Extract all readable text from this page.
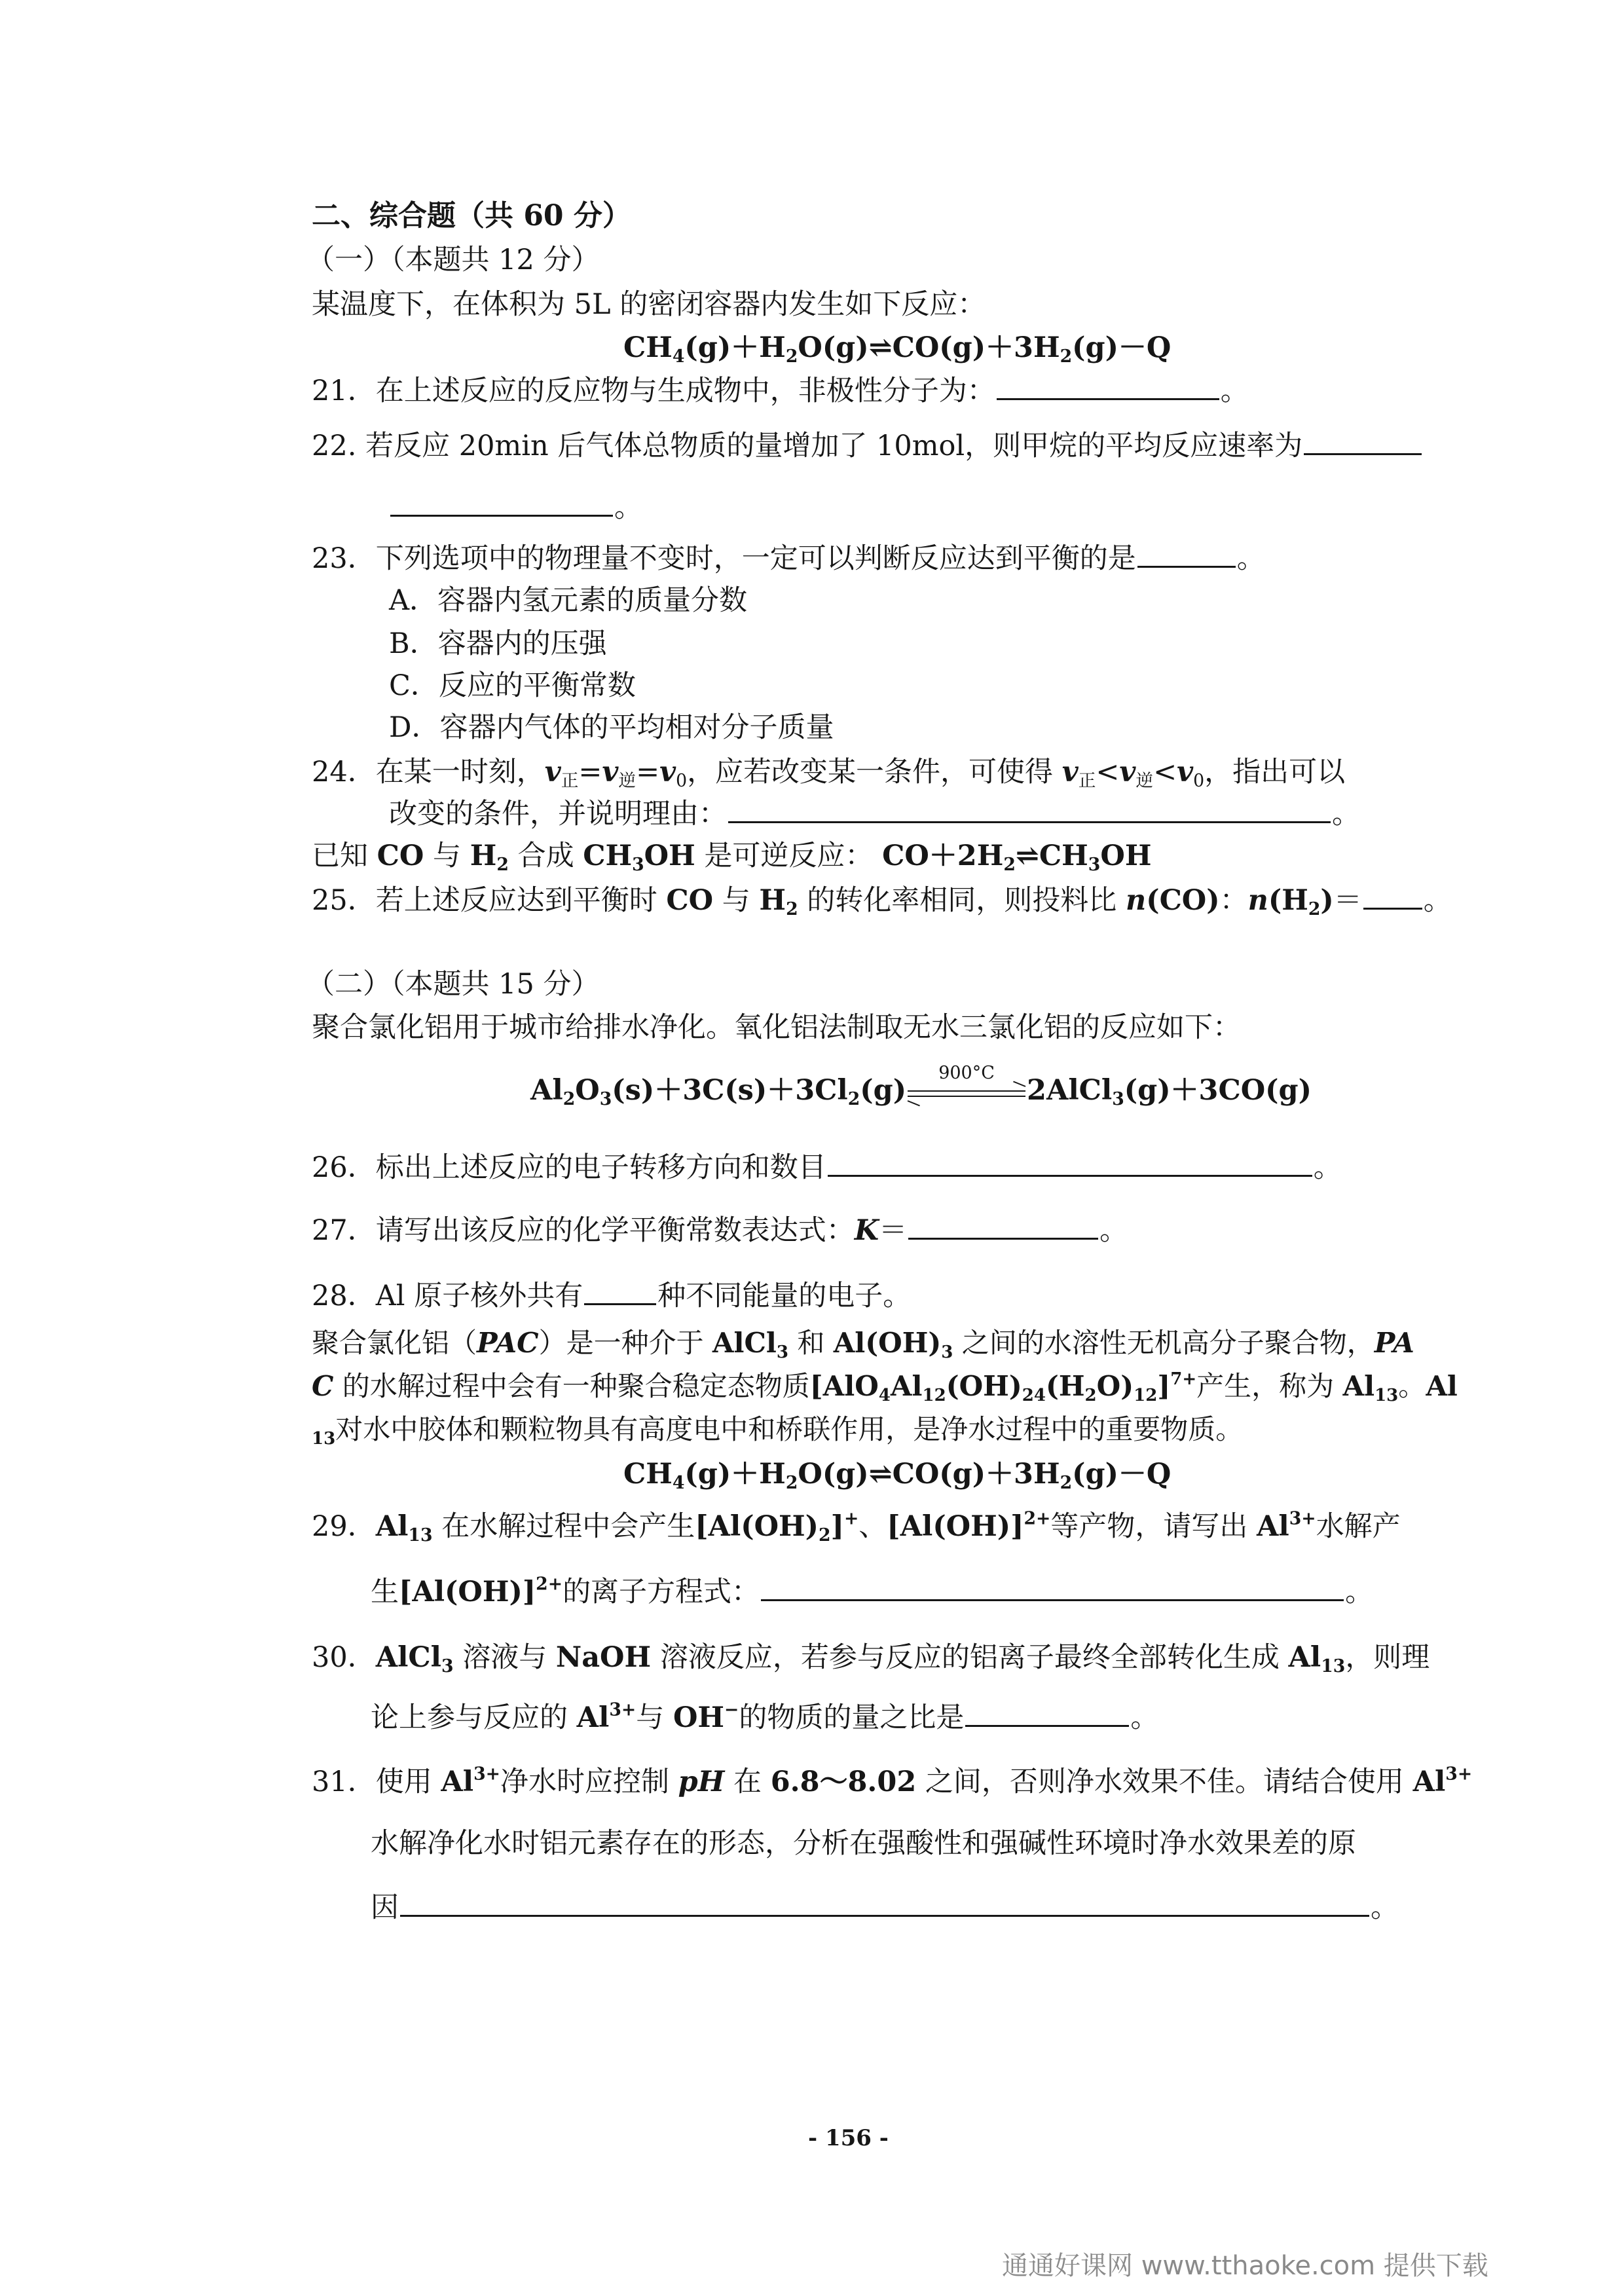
二、综合题（共 60 分）
（一）（本题共 12 分）
某温度下，在体积为 5L 的密闭容器内发生如下反应：
$CH_4(g)+H_2O(g)\rightleftharpoons CO(g)+3H_2(g)-Q$
21．在上述反应的反应物与生成物中，非极性分子为：	。
22. 若反应 20min 后气体总物质的量增加了 10mol，则甲烷的平均反应速率为
。
23．下列选项中的物理量不变时，一定可以判断反应达到平衡的是	。
A．容器内氢元素的质量分数
B．容器内的压强
C．反应的平衡常数
D．容器内气体的平均相对分子质量
24．在某一时刻，$v_正=v_逆=v_0$，应若改变某一条件，可使得 $v_正<v_逆<v_0$，指出可以
改变的条件，并说明理由：	。
已知 CO 与 $H_2$ 合成 $CH_3OH$ 是可逆反应： $CO+2H_2\rightleftharpoons CH_3OH$
25．若上述反应达到平衡时 CO 与 $H_2$ 的转化率相同，则投料比 n(CO)：$n(H_2)=$ 。
（二）（本题共 15 分）
聚合氯化铝用于城市给排水净化。氧化铝法制取无水三氯化铝的反应如下：
$Al_2O_3(s)+3C(s)+3Cl_2(g)$
900°C
2AlCl$_3$(g)＋3CO(g)
26．标出上述反应的电子转移方向和数目	。
27．请写出该反应的化学平衡常数表达式：K＝	。
28．Al 原子核外共有	种不同能量的电子。
聚合氯化铝（PAC）是一种介于 AlCl$_3$ 和 $Al(OH)_3$ 之间的水溶性无机高分子聚合物，PA
C 的水解过程中会有一种聚合稳定态物质$[AlO_4Al_{12}(OH)_{24}(H_2O)_{12}]^{7+}$产生，称为 $Al_{13}$。Al
$_{13}$对水中胶体和颗粒物具有高度电中和桥联作用，是净水过程中的重要物质。
$CH_4(g)+H_2O(g)\rightleftharpoons CO(g)+3H_2(g)-Q$
29．$Al_{13}$ 在水解过程中会产生$[Al(OH)_2]^+$、$[Al(OH)]^{2+}$等产物，请写出 $Al^{3+}$水解产
生$[Al(OH)]^{2+}$的离子方程式：	。
30．AlCl$_3$ 溶液与 NaOH 溶液反应，若参与反应的铝离子最终全部转化生成 $Al_{13}$，则理
论上参与反应的 $Al^{3+}$与 OH−的物质的量之比是	。
31．使用 $Al^{3+}$净水时应控制 pH 在 6.8～8.02 之间，否则净水效果不佳。请结合使用 $Al^{3+}$
水解净化水时铝元素存在的形态，分析在强酸性和强碱性环境时净水效果差的原
因	。
- 156 -
通通好课网 www.tthaoke.com 提供下载
